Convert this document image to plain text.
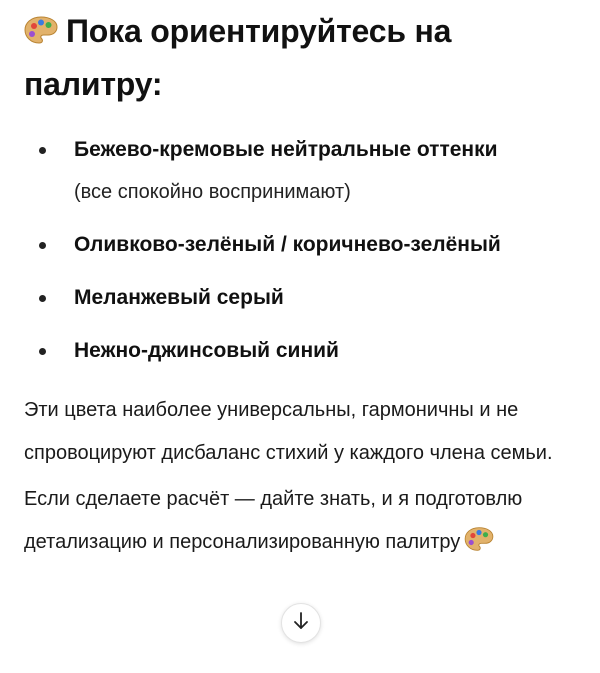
Пока ориентируйтесь на палитру:
Бежево-кремовые нейтральные оттенки
(все спокойно воспринимают)
Оливково-зелёный / коричнево-зелёный
Меланжевый серый
Нежно-джинсовый синий

Эти цвета наиболее универсальны, гармоничны и не спровоцируют дисбаланс стихий у каждого члена семьи.

Если сделаете расчёт — дайте знать, и я подготовлю детализацию и персонализированную палитру
